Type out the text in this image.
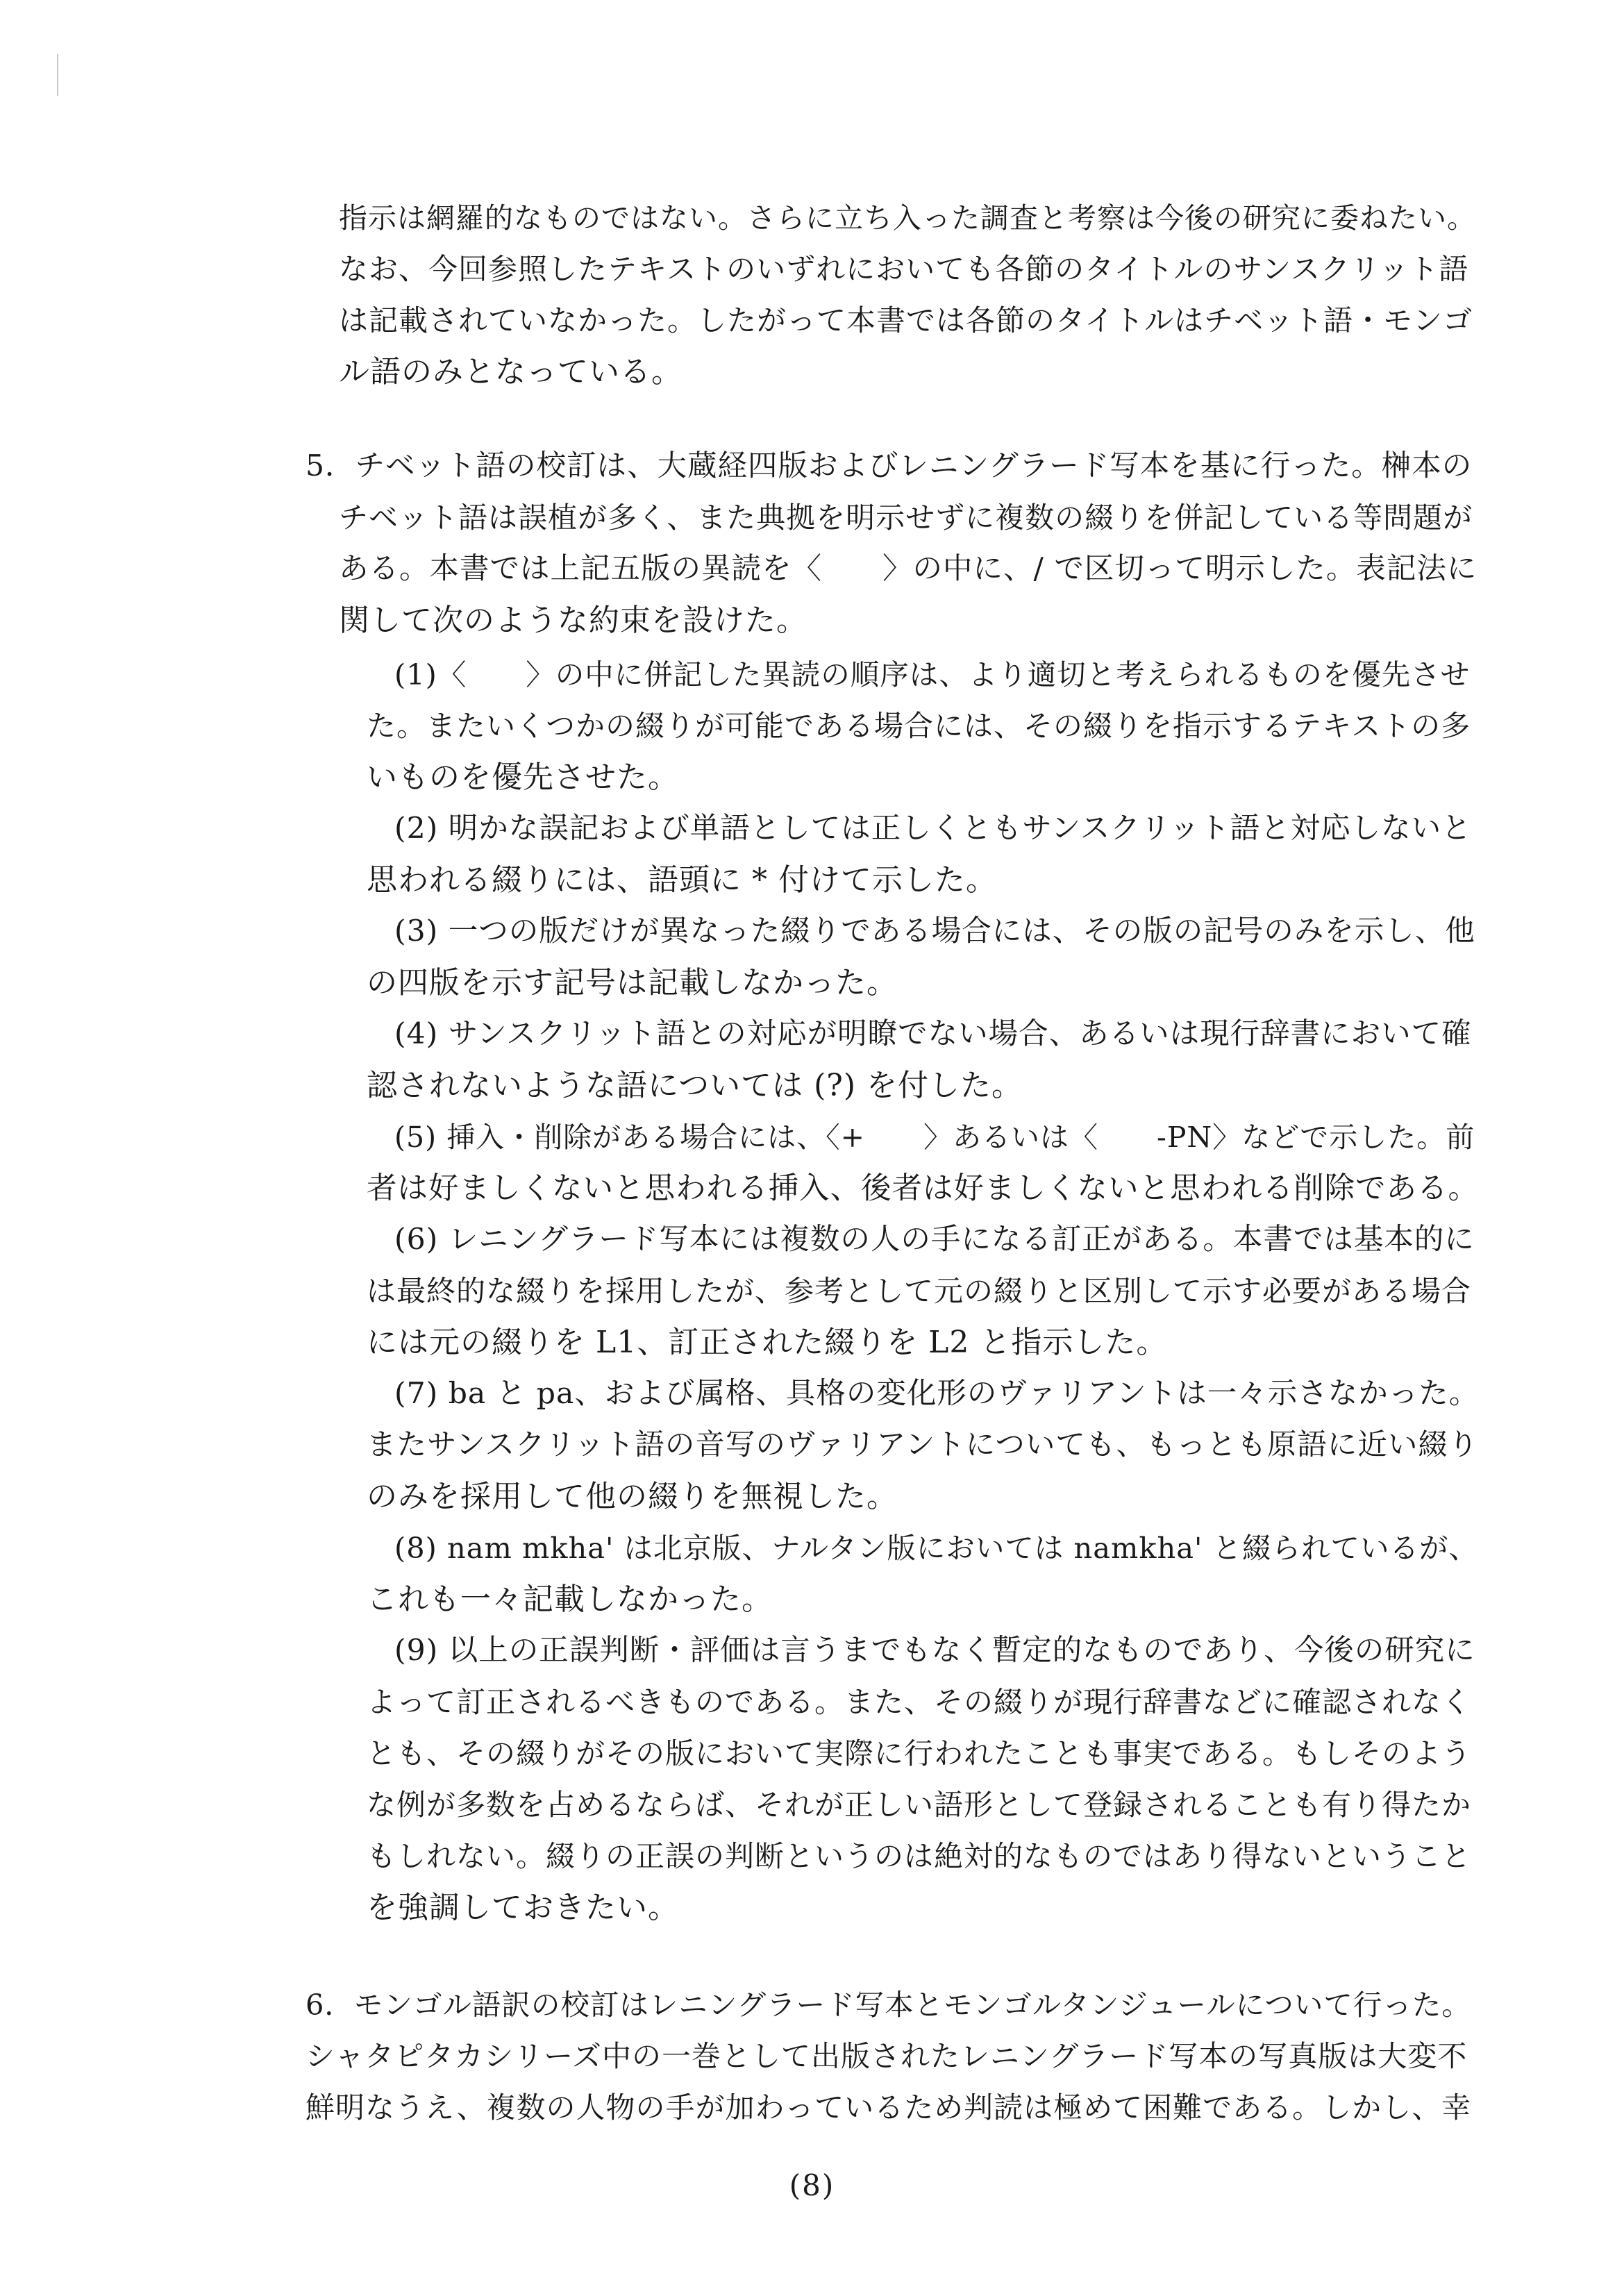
指示は網羅的なものではない。さらに立ち入った調査と考察は今後の研究に委ねたい。
なお、今回参照したテキストのいずれにおいても各節のタイトルのサンスクリット語
は記載されていなかった。したがって本書では各節のタイトルはチベット語・モンゴ
ル語のみとなっている。
5．チベット語の校訂は、大蔵経四版およびレニングラード写本を基に行った。榊本の
チベット語は誤植が多く、また典拠を明示せずに複数の綴りを併記している等問題が
ある。本書では上記五版の異読を〈　　〉の中に、/ で区切って明示した。表記法に
関して次のような約束を設けた。
(1)〈　　〉の中に併記した異読の順序は、より適切と考えられるものを優先させ
た。またいくつかの綴りが可能である場合には、その綴りを指示するテキストの多
いものを優先させた。
(2) 明かな誤記および単語としては正しくともサンスクリット語と対応しないと
思われる綴りには、語頭に * 付けて示した。
(3) 一つの版だけが異なった綴りである場合には、その版の記号のみを示し、他
の四版を示す記号は記載しなかった。
(4) サンスクリット語との対応が明瞭でない場合、あるいは現行辞書において確
認されないような語については (?) を付した。
(5) 挿入・削除がある場合には、〈+　　〉あるいは〈　　-PN〉などで示した。前
者は好ましくないと思われる挿入、後者は好ましくないと思われる削除である。
(6) レニングラード写本には複数の人の手になる訂正がある。本書では基本的に
は最終的な綴りを採用したが、参考として元の綴りと区別して示す必要がある場合
には元の綴りを L1、訂正された綴りを L2 と指示した。
(7) ba と pa、および属格、具格の変化形のヴァリアントは一々示さなかった。
またサンスクリット語の音写のヴァリアントについても、もっとも原語に近い綴り
のみを採用して他の綴りを無視した。
(8) nam mkha' は北京版、ナルタン版においては namkha' と綴られているが、
これも一々記載しなかった。
(9) 以上の正誤判断・評価は言うまでもなく暫定的なものであり、今後の研究に
よって訂正されるべきものである。また、その綴りが現行辞書などに確認されなく
とも、その綴りがその版において実際に行われたことも事実である。もしそのよう
な例が多数を占めるならば、それが正しい語形として登録されることも有り得たか
もしれない。綴りの正誤の判断というのは絶対的なものではあり得ないということ
を強調しておきたい。
6．モンゴル語訳の校訂はレニングラード写本とモンゴルタンジュールについて行った。
シャタピタカシリーズ中の一巻として出版されたレニングラード写本の写真版は大変不
鮮明なうえ、複数の人物の手が加わっているため判読は極めて困難である。しかし、幸
(8)
